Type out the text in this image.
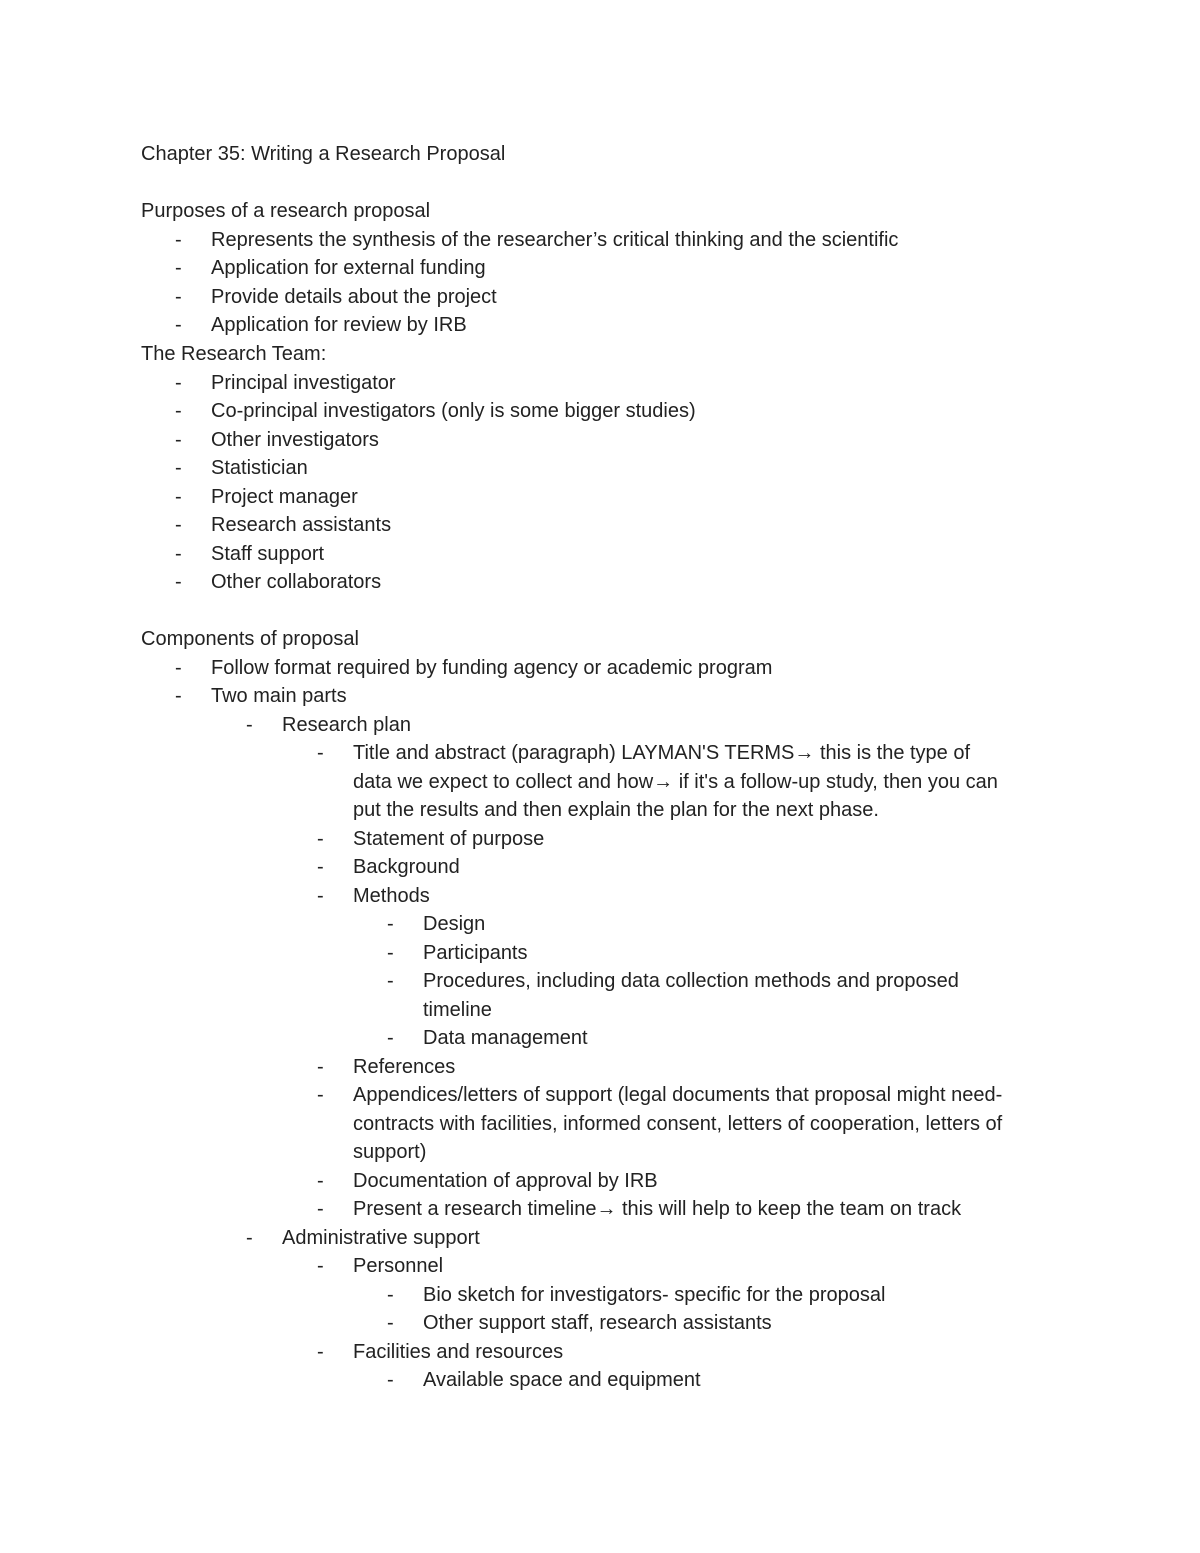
Chapter 35: Writing a Research Proposal
Purposes of a research proposal
- Represents the synthesis of the researcher’s critical thinking and the scientific
- Application for external funding
- Provide details about the project
- Application for review by IRB
The Research Team:
- Principal investigator
- Co-principal investigators (only is some bigger studies)
- Other investigators
- Statistician
- Project manager
- Research assistants
- Staff support
- Other collaborators
Components of proposal
- Follow format required by funding agency or academic program
- Two main parts
- Research plan
- Title and abstract (paragraph) LAYMAN'S TERMS→ this is the type of
data we expect to collect and how→ if it's a follow-up study, then you can
put the results and then explain the plan for the next phase.
- Statement of purpose
- Background
- Methods
- Design
- Participants
- Procedures, including data collection methods and proposed
timeline
- Data management
- References
- Appendices/letters of support (legal documents that proposal might need-
contracts with facilities, informed consent, letters of cooperation, letters of
support)
- Documentation of approval by IRB
- Present a research timeline→ this will help to keep the team on track
- Administrative support
- Personnel
- Bio sketch for investigators- specific for the proposal
- Other support staff, research assistants
- Facilities and resources
- Available space and equipment
